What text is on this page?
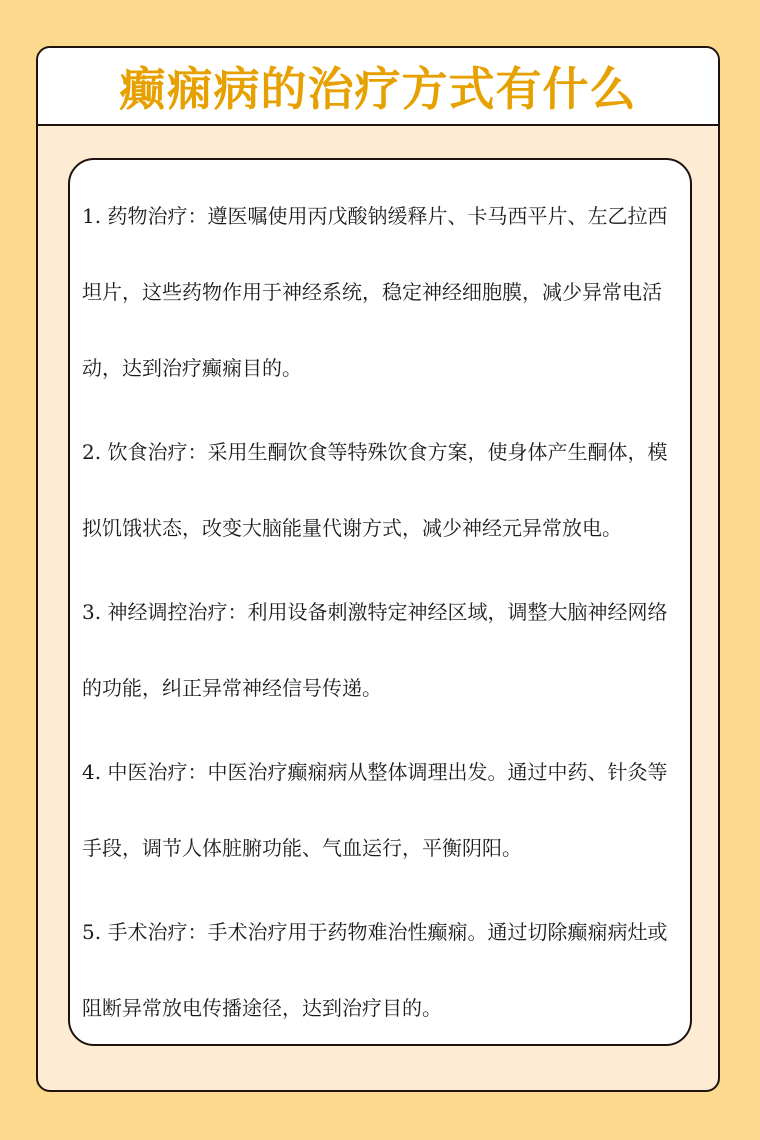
癫痫病的治疗方式有什么

1. 药物治疗：遵医嘱使用丙戊酸钠缓释片、卡马西平片、左乙拉西坦片，这些药物作用于神经系统，稳定神经细胞膜，减少异常电活动，达到治疗癫痫目的。

2. 饮食治疗：采用生酮饮食等特殊饮食方案，使身体产生酮体，模拟饥饿状态，改变大脑能量代谢方式，减少神经元异常放电。

3. 神经调控治疗：利用设备刺激特定神经区域，调整大脑神经网络的功能，纠正异常神经信号传递。

4. 中医治疗：中医治疗癫痫病从整体调理出发。通过中药、针灸等手段，调节人体脏腑功能、气血运行，平衡阴阳。

5. 手术治疗：手术治疗用于药物难治性癫痫。通过切除癫痫病灶或阻断异常放电传播途径，达到治疗目的。
